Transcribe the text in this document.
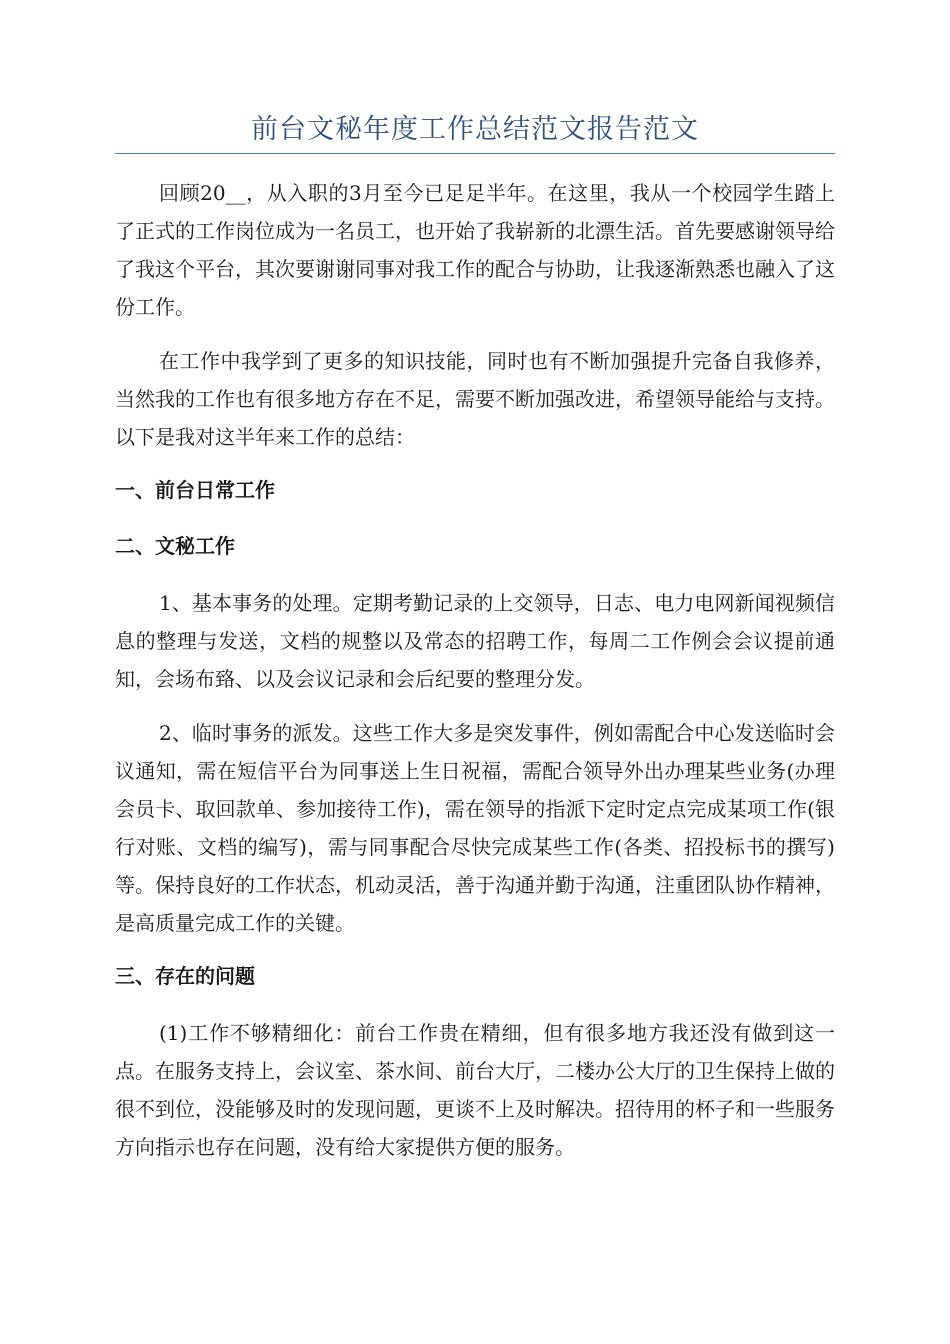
前台文秘年度工作总结范文报告范文

回顾20__，从入职的3月至今已足足半年。在这里，我从一个校园学生踏上了正式的工作岗位成为一名员工，也开始了我崭新的北漂生活。首先要感谢领导给了我这个平台，其次要谢谢同事对我工作的配合与协助，让我逐渐熟悉也融入了这份工作。

在工作中我学到了更多的知识技能，同时也有不断加强提升完备自我修养，当然我的工作也有很多地方存在不足，需要不断加强改进，希望领导能给与支持。以下是我对这半年来工作的总结：

一、前台日常工作

二、文秘工作

1、基本事务的处理。定期考勤记录的上交领导，日志、电力电网新闻视频信息的整理与发送，文档的规整以及常态的招聘工作，每周二工作例会会议提前通知，会场布臵、以及会议记录和会后纪要的整理分发。

2、临时事务的派发。这些工作大多是突发事件，例如需配合中心发送临时会议通知，需在短信平台为同事送上生日祝福，需配合领导外出办理某些业务(办理会员卡、取回款单、参加接待工作)，需在领导的指派下定时定点完成某项工作(银行对账、文档的编写)，需与同事配合尽快完成某些工作(各类、招投标书的撰写)等。保持良好的工作状态，机动灵活，善于沟通并勤于沟通，注重团队协作精神，是高质量完成工作的关键。

三、存在的问题

(1)工作不够精细化：前台工作贵在精细，但有很多地方我还没有做到这一点。在服务支持上，会议室、茶水间、前台大厅，二楼办公大厅的卫生保持上做的很不到位，没能够及时的发现问题，更谈不上及时解决。招待用的杯子和一些服务方向指示也存在问题，没有给大家提供方便的服务。
